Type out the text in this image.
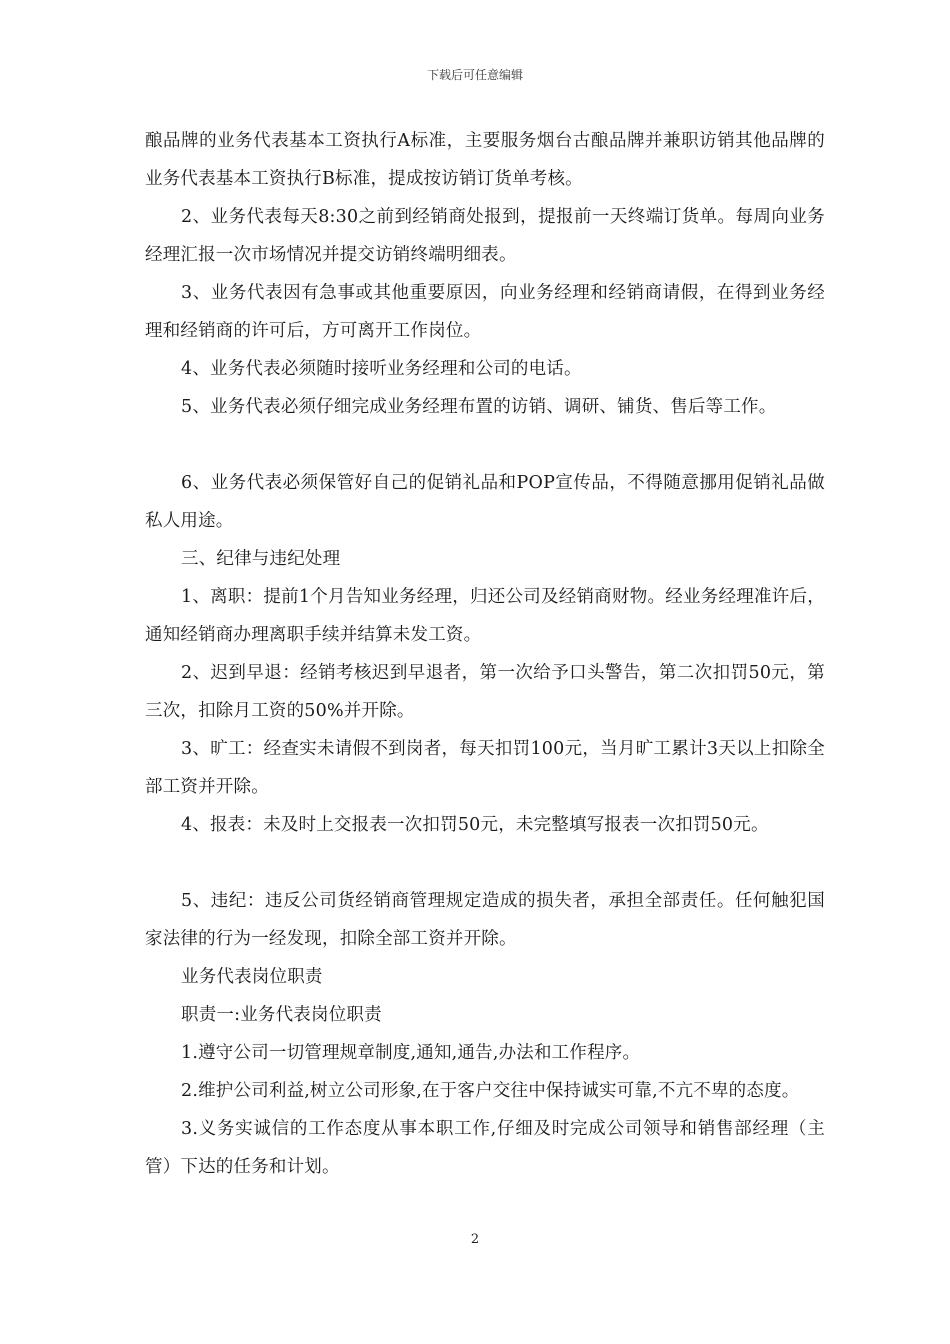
下载后可任意编辑

酿品牌的业务代表基本工资执行A标准，主要服务烟台古酿品牌并兼职访销其他品牌的业务代表基本工资执行B标准，提成按访销订货单考核。

2、业务代表每天8:30之前到经销商处报到，提报前一天终端订货单。每周向业务经理汇报一次市场情况并提交访销终端明细表。

3、业务代表因有急事或其他重要原因，向业务经理和经销商请假，在得到业务经理和经销商的许可后，方可离开工作岗位。

4、业务代表必须随时接听业务经理和公司的电话。

5、业务代表必须仔细完成业务经理布置的访销、调研、铺货、售后等工作。

6、业务代表必须保管好自己的促销礼品和POP宣传品，不得随意挪用促销礼品做私人用途。

三、纪律与违纪处理

1、离职：提前1个月告知业务经理，归还公司及经销商财物。经业务经理准许后，通知经销商办理离职手续并结算未发工资。

2、迟到早退：经销考核迟到早退者，第一次给予口头警告，第二次扣罚50元，第三次，扣除月工资的50%并开除。

3、旷工：经查实未请假不到岗者，每天扣罚100元，当月旷工累计3天以上扣除全部工资并开除。

4、报表：未及时上交报表一次扣罚50元，未完整填写报表一次扣罚50元。

5、违纪：违反公司货经销商管理规定造成的损失者，承担全部责任。任何触犯国家法律的行为一经发现，扣除全部工资并开除。

业务代表岗位职责

职责一:业务代表岗位职责

1.遵守公司一切管理规章制度,通知,通告,办法和工作程序。

2.维护公司利益,树立公司形象,在于客户交往中保持诚实可靠,不亢不卑的态度。

3.义务实诚信的工作态度从事本职工作,仔细及时完成公司领导和销售部经理（主管）下达的任务和计划。

2
